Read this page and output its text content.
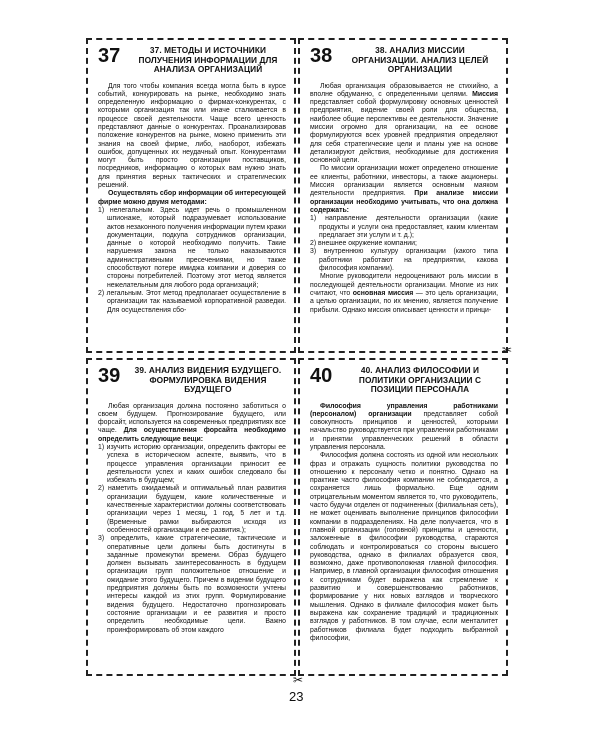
37	37. МЕТОДЫ И ИСТОЧНИКИ ПОЛУЧЕНИЯ ИНФОРМАЦИИ ДЛЯ АНАЛИЗА ОРГАНИЗАЦИЙ

Для того чтобы компания всегда могла быть в курсе событий, конкурировать на рынке, необходимо знать определенную информацию о фирмах-конкурентах, с которыми организация так или иначе сталкивается в процессе своей деятельности. Чаще всего ценность представляют данные о конкурентах. Проанализировав положение конкурентов на рынке, можно применить эти знания на своей фирме, либо, наоборот, избежать ошибок, допущенных их неудачный опыт. Конкурентами могут быть просто организации поставщиков, посредников, информацию о которых вам нужно знать для принятия верных тактических и стратегических решений.

Осуществлять сбор информации об интересующей фирме можно двумя методами:

1) нелегальным. Здесь идет речь о промышленном шпионаже, который подразумевает использование актов незаконного получения информации путем кражи документации, подкупа сотрудников организации, данные о которой необходимо получить. Такие нарушения закона не только наказываются административными пресечениями, но также способствуют потере имиджа компании и доверия со стороны потребителей. Поэтому этот метод является нежелательным для любого рода организаций;
2) легальным. Этот метод предполагает осуществление в организации так называемой корпоративной разведки. Для осуществления сбо-
38	38. АНАЛИЗ МИССИИ ОРГАНИЗАЦИИ. АНАЛИЗ ЦЕЛЕЙ ОРГАНИЗАЦИИ

Любая организация образовывается не стихийно, а вполне обдуманно, с определенными целями. Миссия представляет собой формулировку основных ценностей предприятия, видение своей роли для общества, наиболее общие перспективы ее деятельности. Значение миссии огромно для организации, на ее основе формулируются всех уровней предприятия определяют для себя стратегические цели и планы уже на основе детализируют действия, необходимые для достижения основной цели.

По миссии организации может определено отношение ее клиенты, работники, инвесторы, а также акционеры. Миссия организации является основным маяком деятельности предприятия. При анализе миссии организации необходимо учитывать, что она должна содержать:

1) направление деятельности организации (какие продукты и услуги она предоставляет, каким клиентам предлагает эти услуги и т. д.);
2) внешнее окружение компании;
3) внутреннюю культуру организации (какого типа работники работают на предприятии, какова философия компании).

Многие руководители недооценивают роль миссии в последующей деятельности организации. Многие из них считают, что основная миссия — это цель организации, а целью организации, по их мнению, является получение прибыли. Однако миссия описывает ценности и принци-

39	39. АНАЛИЗ ВИДЕНИЯ БУДУЩЕГО. ФОРМУЛИРОВКА ВИДЕНИЯ БУДУЩЕГО

Любая организация должна постоянно заботиться о своем будущем. Прогнозирование будущего, или форсайт, используется на современных предприятиях все чаще. Для осуществления форсайта необходимо определить следующие вещи:

1) изучить историю организации, определить факторы ее успеха в историческом аспекте, выявить, что в процессе управления организации приносит ее деятельности успех и каких ошибок следовало бы избежать в будущем;
2) наметить ожидаемый и оптимальный план развития организации будущем, какие количественные и качественные характеристики должны соответствовать организации через 1 месяц, 1 год, 5 лет и т.д. (Временные рамки выбираются исходя из особенностей организации и ее развития.);
3) определить, какие стратегические, тактические и оперативные цели должны быть достигнуты в заданные промежутки времени. Образ будущего должен вызывать заинтересованность в будущем организации групп положительное отношение и ожидание этого будущего. Причем в видении будущего предприятия должны быть по возможности учтены интересы каждой из этих групп. Формулирование видения будущего. Недостаточно прогнозировать состояние организации и ее развития и просто определить необходимые цели. Важно проинформировать об этом каждого
40	40. АНАЛИЗ ФИЛОСОФИИ И ПОЛИТИКИ ОРГАНИЗАЦИИ С ПОЗИЦИИ ПЕРСОНАЛА

Философия управления работниками (персоналом) организации представляет собой совокупность принципов и ценностей, которыми начальство руководствуется при управлении работниками и принятии управленческих решений в области управления персонала.

Философия должна состоять из одной или нескольких фраз и отражать сущность политики руководства по отношению к персоналу четко и понятно. Однако на практике часто философия компании не соблюдается, а сохраняется лишь формально. Еще одним отрицательным моментом является то, что руководитель, часто будучи отделен от подчиненных (филиальная сеть), не может оценивать выполнение принципов философии компании в подразделениях. На деле получается, что в главной организации (головной) принципы и ценности, заложенные в философии руководства, стараются соблюдать и контролироваться со стороны высшего руководства, однако в филиалах образуется своя, возможно, даже противоположная главной философия. Например, в главной организации философия отношения к сотрудникам будет выражена как стремление к развитию и совершенствованию работников, формирование у них новых взглядов и творческого мышления. Однако в филиале философия может быть выражена как сохранение традиций и традиционных взглядов у работников. В том случае, если менталитет работников филиала будет подходить выбранной философии,

✂
✂
23
